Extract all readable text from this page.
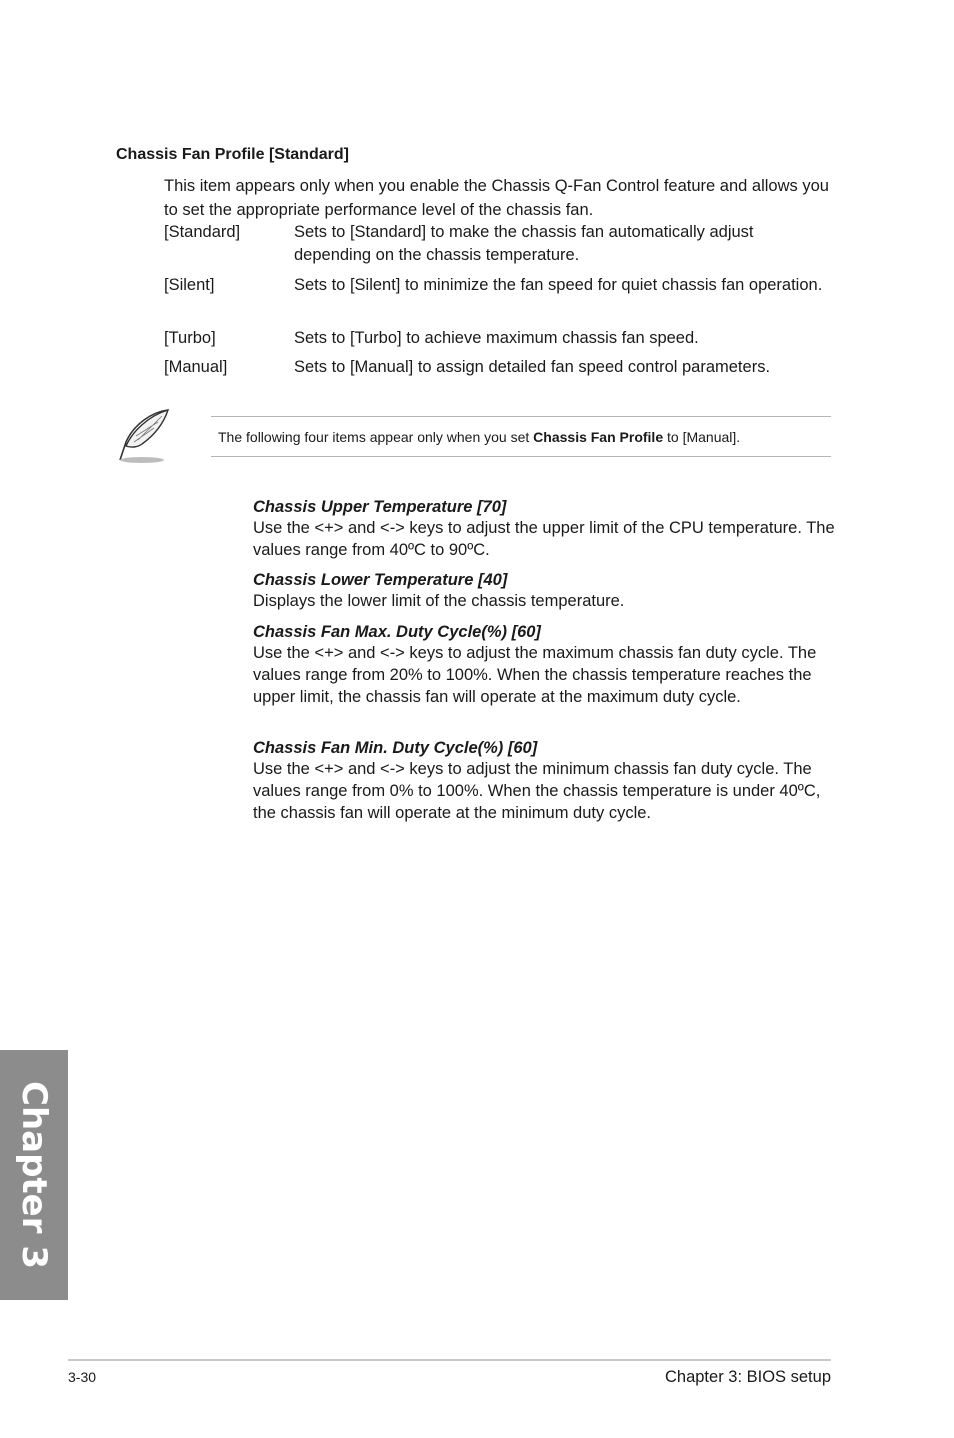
Chassis Fan Profile [Standard]
This item appears only when you enable the Chassis Q-Fan Control feature and allows you to set the appropriate performance level of the chassis fan.
[Standard]	Sets to [Standard] to make the chassis fan automatically adjust depending on the chassis temperature.
[Silent]	Sets to [Silent] to minimize the fan speed for quiet chassis fan operation.
[Turbo]	Sets to [Turbo] to achieve maximum chassis fan speed.
[Manual]	Sets to [Manual] to assign detailed fan speed control parameters.
The following four items appear only when you set Chassis Fan Profile to [Manual].
Chassis Upper Temperature [70]
Use the <+> and <-> keys to adjust the upper limit of the CPU temperature. The values range from 40ºC to 90ºC.
Chassis Lower Temperature [40]
Displays the lower limit of the chassis temperature.
Chassis Fan Max. Duty Cycle(%) [60]
Use the <+> and <-> keys to adjust the maximum chassis fan duty cycle. The values range from 20% to 100%. When the chassis temperature reaches the upper limit, the chassis fan will operate at the maximum duty cycle.
Chassis Fan Min. Duty Cycle(%) [60]
Use the <+> and <-> keys to adjust the minimum chassis fan duty cycle. The values range from 0% to 100%. When the chassis temperature is under 40ºC, the chassis fan will operate at the minimum duty cycle.
Chapter 3
3-30	Chapter 3: BIOS setup
